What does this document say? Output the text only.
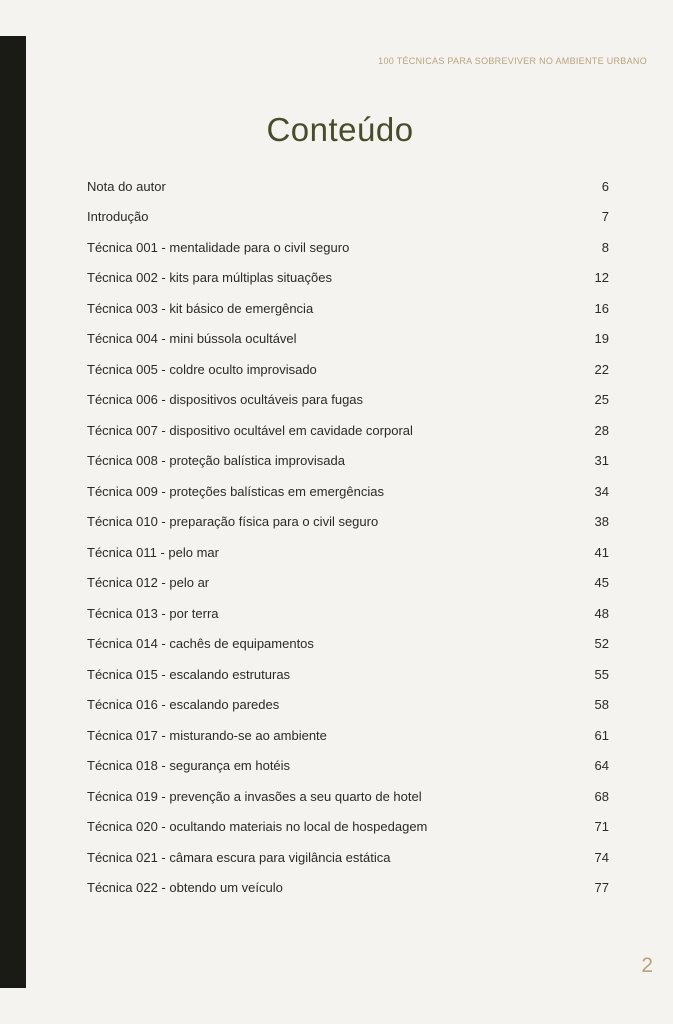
100 TÉCNICAS PARA SOBREVIVER NO AMBIENTE URBANO
Conteúdo
Nota do autor	6
Introdução	7
Técnica 001 - mentalidade para o civil seguro	8
Técnica 002 - kits para múltiplas situações	12
Técnica 003 - kit básico de emergência	16
Técnica 004 - mini bússola ocultável	19
Técnica 005 - coldre oculto improvisado	22
Técnica 006 - dispositivos ocultáveis para fugas	25
Técnica 007 - dispositivo ocultável em cavidade corporal	28
Técnica 008 - proteção balística improvisada	31
Técnica 009 - proteções balísticas em emergências	34
Técnica 010 - preparação física para o civil seguro	38
Técnica 011 - pelo mar	41
Técnica 012 - pelo ar	45
Técnica 013 - por terra	48
Técnica 014 - cachês de equipamentos	52
Técnica 015 - escalando estruturas	55
Técnica 016 - escalando paredes	58
Técnica 017 - misturando-se ao ambiente	61
Técnica 018 - segurança em hotéis	64
Técnica 019 - prevenção a invasões a seu quarto de hotel	68
Técnica 020 - ocultando materiais no local de hospedagem	71
Técnica 021 - câmara escura para vigilância estática	74
Técnica 022 - obtendo um veículo	77
2
